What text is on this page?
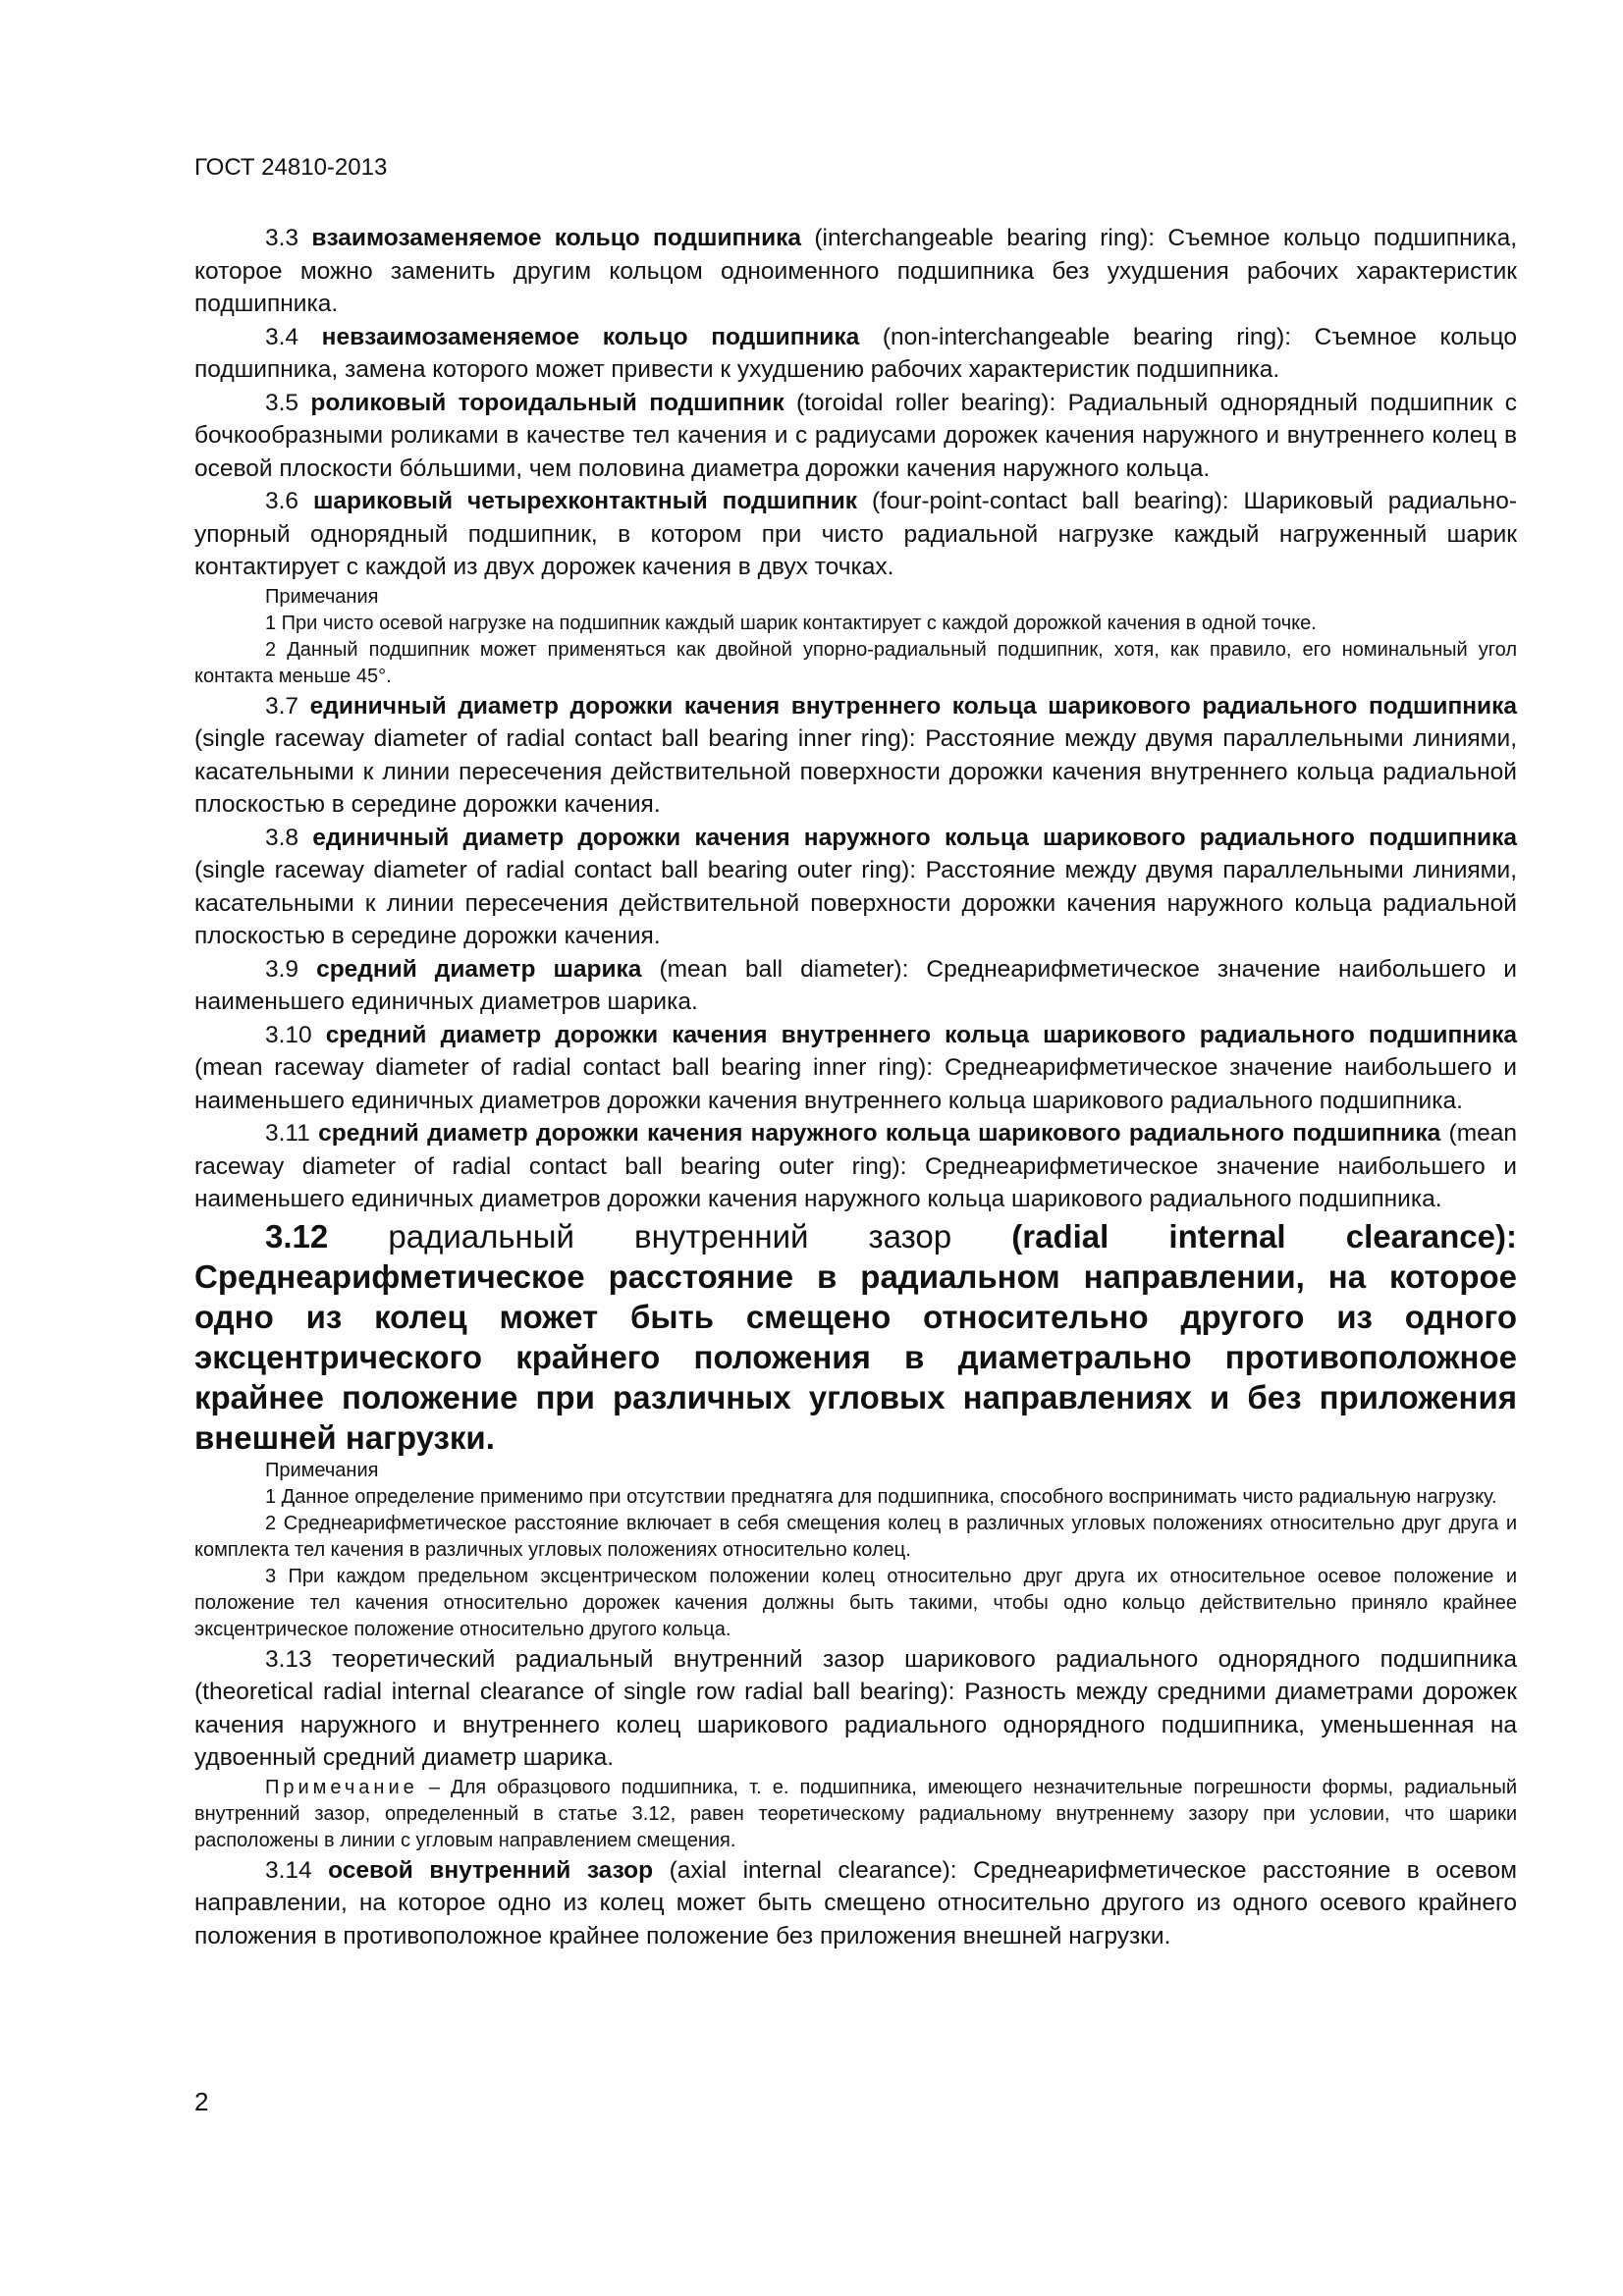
ГОСТ 24810-2013

3.3 взаимозаменяемое кольцо подшипника (interchangeable bearing ring): Съемное кольцо подшипника, которое можно заменить другим кольцом одноименного подшипника без ухудшения рабочих характеристик подшипника.

3.4 невзаимозаменяемое кольцо подшипника (non-interchangeable bearing ring): Съемное кольцо подшипника, замена которого может привести к ухудшению рабочих характеристик подшипника.

3.5 роликовый тороидальный подшипник (toroidal roller bearing): Радиальный однорядный подшипник с бочкообразными роликами в качестве тел качения и с радиусами дорожек качения наружного и внутреннего колец в осевой плоскости бо́льшими, чем половина диаметра дорожки качения наружного кольца.

3.6 шариковый четырехконтактный подшипник (four-point-contact ball bearing): Шариковый радиально-упорный однорядный подшипник, в котором при чисто радиальной нагрузке каждый нагруженный шарик контактирует с каждой из двух дорожек качения в двух точках.

Примечания

1 При чисто осевой нагрузке на подшипник каждый шарик контактирует с каждой дорожкой качения в одной точке.

2 Данный подшипник может применяться как двойной упорно-радиальный подшипник, хотя, как правило, его номинальный угол контакта меньше 45°.

3.7 единичный диаметр дорожки качения внутреннего кольца шарикового радиального подшипника (single raceway diameter of radial contact ball bearing inner ring): Расстояние между двумя параллельными линиями, касательными к линии пересечения действительной поверхности дорожки качения внутреннего кольца радиальной плоскостью в середине дорожки качения.

3.8 единичный диаметр дорожки качения наружного кольца шарикового радиального подшипника (single raceway diameter of radial contact ball bearing outer ring): Расстояние между двумя параллельными линиями, касательными к линии пересечения действительной поверхности дорожки качения наружного кольца радиальной плоскостью в середине дорожки качения.

3.9 средний диаметр шарика (mean ball diameter): Среднеарифметическое значение наибольшего и наименьшего единичных диаметров шарика.

3.10 средний диаметр дорожки качения внутреннего кольца шарикового радиального подшипника (mean raceway diameter of radial contact ball bearing inner ring): Среднеарифметическое значение наибольшего и наименьшего единичных диаметров дорожки качения внутреннего кольца шарикового радиального подшипника.

3.11 средний диаметр дорожки качения наружного кольца шарикового радиального подшипника (mean raceway diameter of radial contact ball bearing outer ring): Среднеарифметическое значение наибольшего и наименьшего единичных диаметров дорожки качения наружного кольца шарикового радиального подшипника.

3.12 радиальный внутренний зазор (radial internal clearance): Среднеарифметическое расстояние в радиальном направлении, на которое одно из колец может быть смещено относительно другого из одного эксцентрического крайнего положения в диаметрально противоположное крайнее положение при различных угловых направлениях и без приложения внешней нагрузки.

Примечания

1 Данное определение применимо при отсутствии преднатяга для подшипника, способного воспринимать чисто радиальную нагрузку.

2 Среднеарифметическое расстояние включает в себя смещения колец в различных угловых положениях относительно друг друга и комплекта тел качения в различных угловых положениях относительно колец.

3 При каждом предельном эксцентрическом положении колец относительно друг друга их относительное осевое положение и положение тел качения относительно дорожек качения должны быть такими, чтобы одно кольцо действительно приняло крайнее эксцентрическое положение относительно другого кольца.

3.13 теоретический радиальный внутренний зазор шарикового радиального однорядного подшипника (theoretical radial internal clearance of single row radial ball bearing): Разность между средними диаметрами дорожек качения наружного и внутреннего колец шарикового радиального однорядного подшипника, уменьшенная на удвоенный средний диаметр шарика.

Примечание – Для образцового подшипника, т. е. подшипника, имеющего незначительные погрешности формы, радиальный внутренний зазор, определенный в статье 3.12, равен теоретическому радиальному внутреннему зазору при условии, что шарики расположены в линии с угловым направлением смещения.

3.14 осевой внутренний зазор (axial internal clearance): Среднеарифметическое расстояние в осевом направлении, на которое одно из колец может быть смещено относительно другого из одного осевого крайнего положения в противоположное крайнее положение без приложения внешней нагрузки.

2
